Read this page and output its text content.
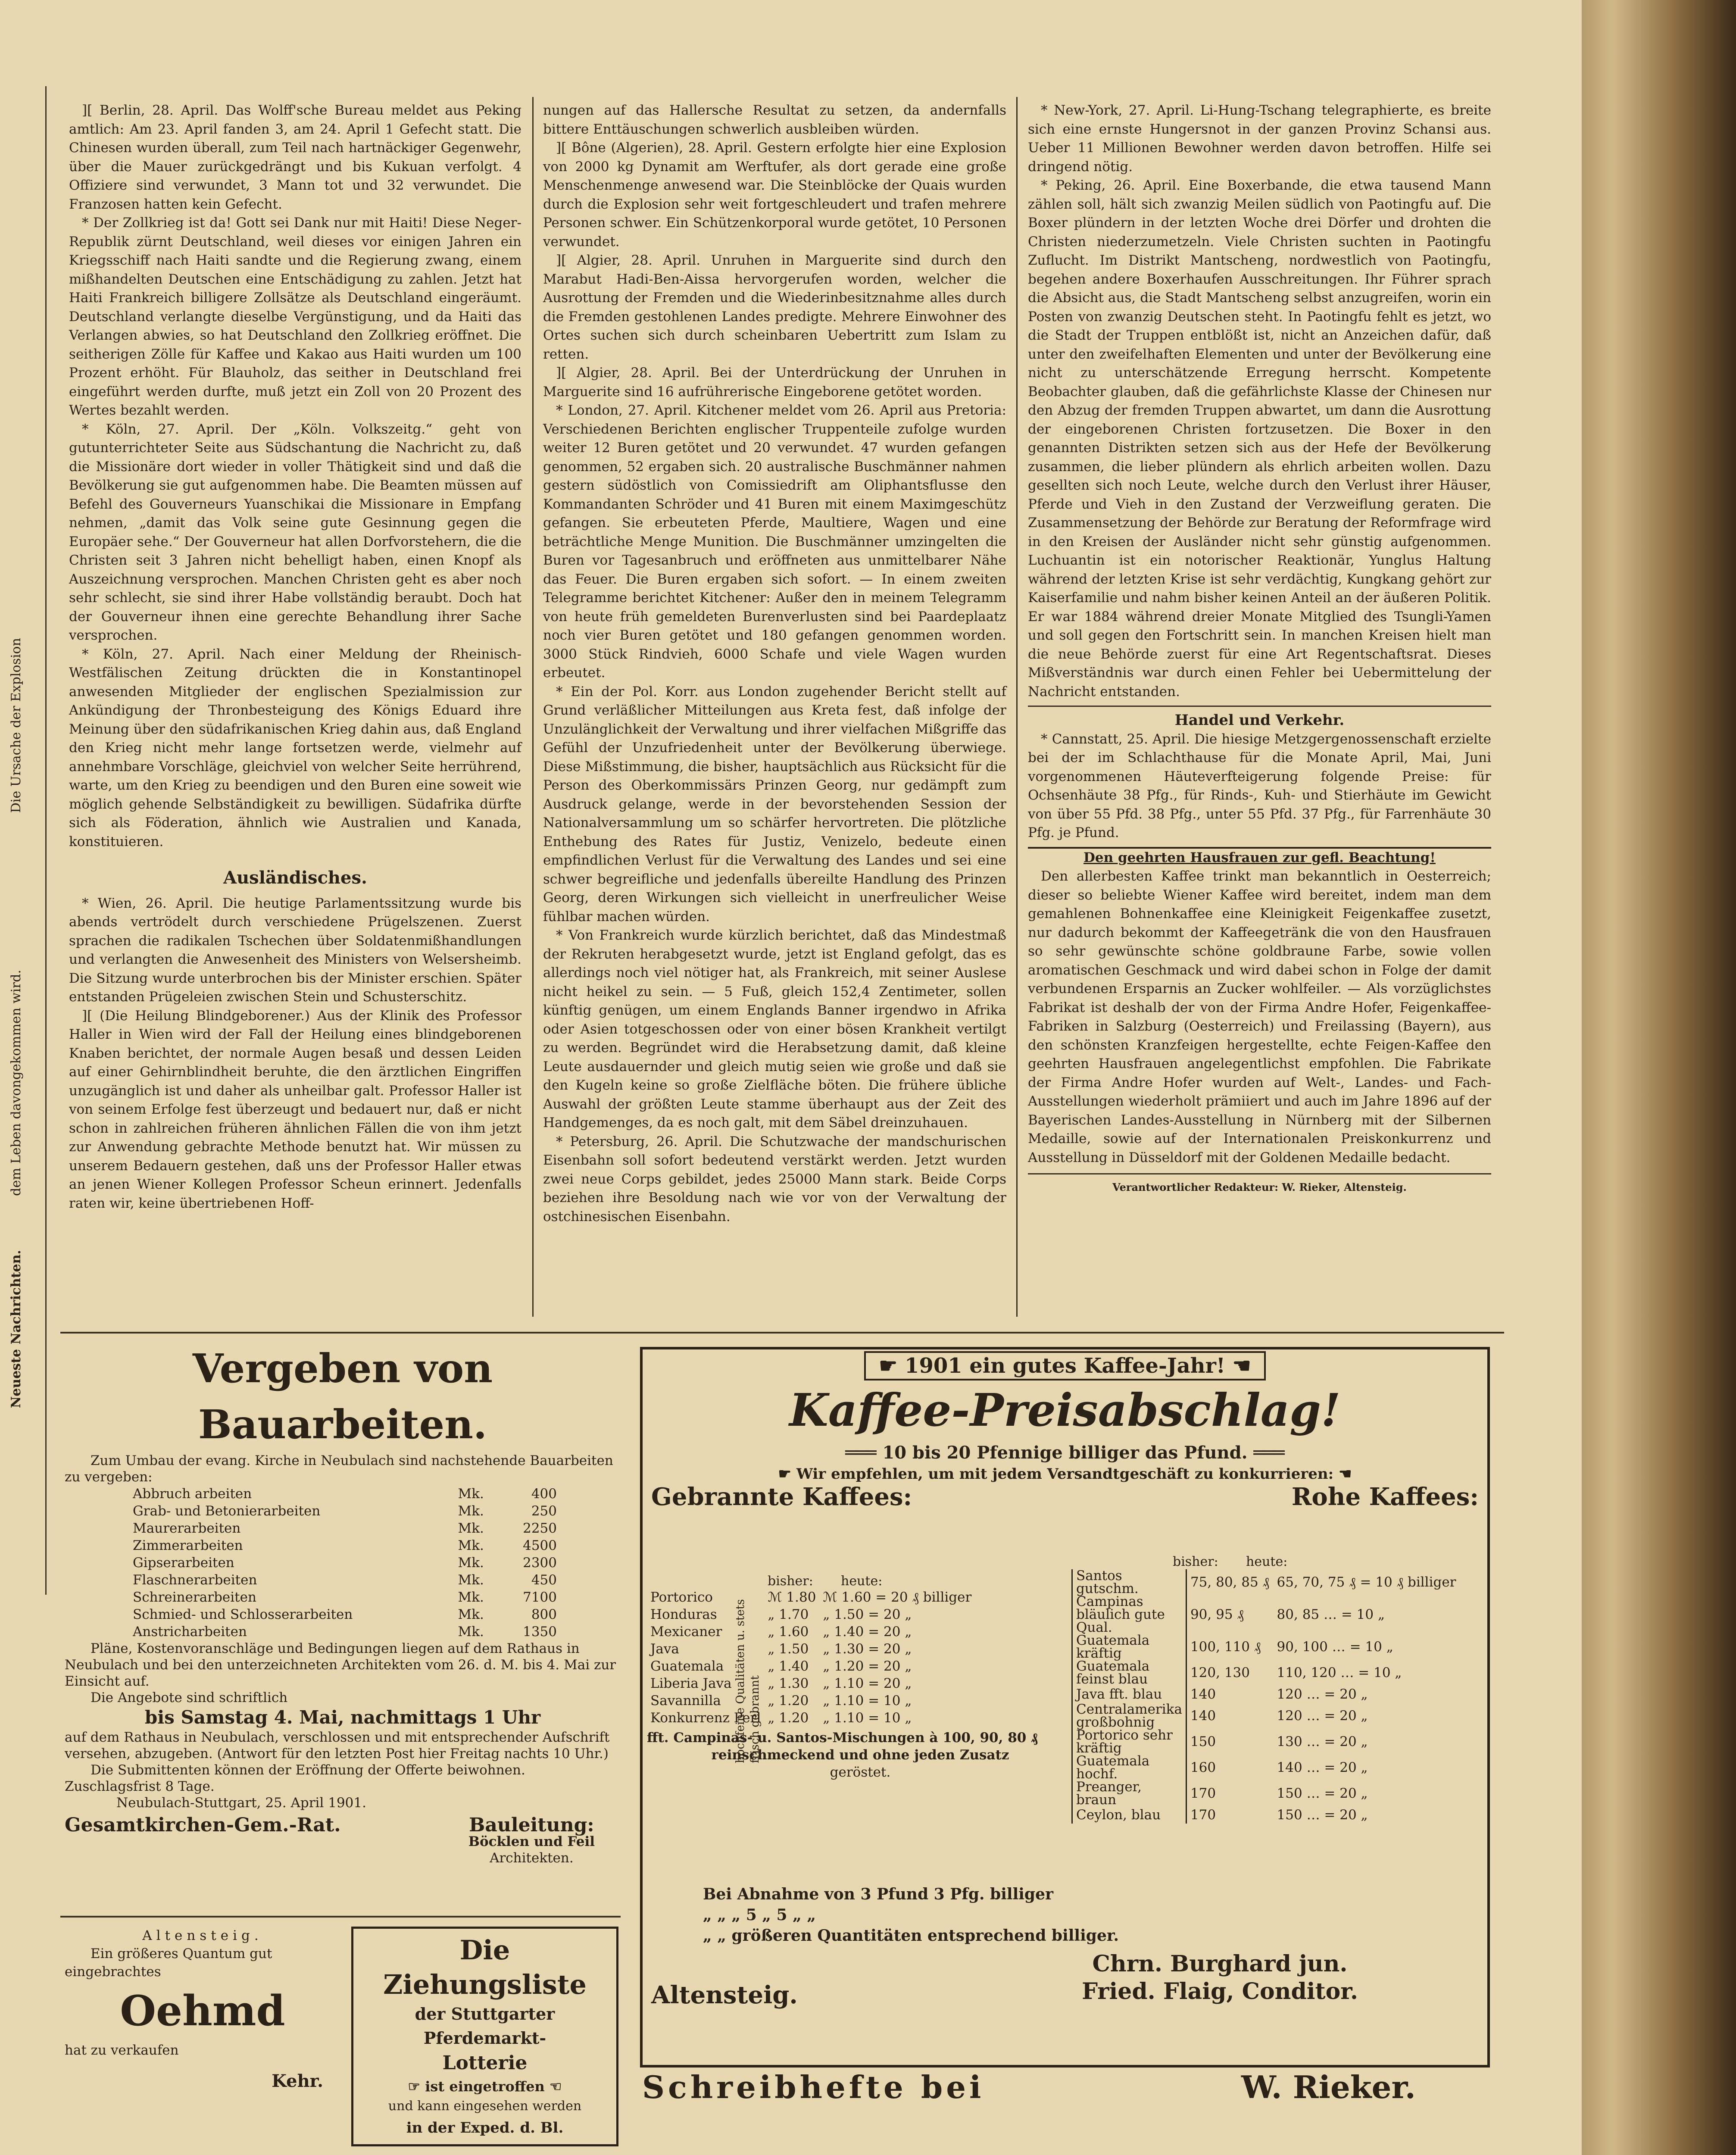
Die Ursache der Explosion
dem Leben davongekommen wird.
Neueste Nachrichten.

][ Berlin, 28. April. Das Wolff'sche Bureau meldet aus Peking amtlich: Am 23. April fanden 3, am 24. April 1 Gefecht statt. Die Chinesen wurden überall, zum Teil nach hartnäckiger Gegenwehr, über die Mauer zurückgedrängt und bis Kukuan verfolgt. 4 Offiziere sind verwundet, 3 Mann tot und 32 verwundet. Die Franzosen hatten kein Gefecht.

* Der Zollkrieg ist da! Gott sei Dank nur mit Haiti! Diese Neger-Republik zürnt Deutschland, weil dieses vor einigen Jahren ein Kriegsschiff nach Haiti sandte und die Regierung zwang, einem mißhandelten Deutschen eine Entschädigung zu zahlen. Jetzt hat Haiti Frankreich billigere Zollsätze als Deutschland eingeräumt. Deutschland verlangte dieselbe Vergünstigung, und da Haiti das Verlangen abwies, so hat Deutschland den Zollkrieg eröffnet. Die seitherigen Zölle für Kaffee und Kakao aus Haiti wurden um 100 Prozent erhöht. Für Blauholz, das seither in Deutschland frei eingeführt werden durfte, muß jetzt ein Zoll von 20 Prozent des Wertes bezahlt werden.

* Köln, 27. April. Der „Köln. Volkszeitg.“ geht von gutunterrichteter Seite aus Südschantung die Nachricht zu, daß die Missionäre dort wieder in voller Thätigkeit sind und daß die Bevölkerung sie gut aufgenommen habe. Die Beamten müssen auf Befehl des Gouverneurs Yuanschikai die Missionare in Empfang nehmen, „damit das Volk seine gute Gesinnung gegen die Europäer sehe.“ Der Gouverneur hat allen Dorfvorstehern, die die Christen seit 3 Jahren nicht behelligt haben, einen Knopf als Auszeichnung versprochen. Manchen Christen geht es aber noch sehr schlecht, sie sind ihrer Habe vollständig beraubt. Doch hat der Gouverneur ihnen eine gerechte Behandlung ihrer Sache versprochen.

* Köln, 27. April. Nach einer Meldung der Rheinisch-Westfälischen Zeitung drückten die in Konstantinopel anwesenden Mitglieder der englischen Spezialmission zur Ankündigung der Thronbesteigung des Königs Eduard ihre Meinung über den südafrikanischen Krieg dahin aus, daß England den Krieg nicht mehr lange fortsetzen werde, vielmehr auf annehmbare Vorschläge, gleichviel von welcher Seite herrührend, warte, um den Krieg zu beendigen und den Buren eine soweit wie möglich gehende Selbständigkeit zu bewilligen. Südafrika dürfte sich als Föderation, ähnlich wie Australien und Kanada, konstituieren.

Ausländisches.

* Wien, 26. April. Die heutige Parlamentssitzung wurde bis abends vertrödelt durch verschiedene Prügelszenen. Zuerst sprachen die radikalen Tschechen über Soldatenmißhandlungen und verlangten die Anwesenheit des Ministers von Welsersheimb. Die Sitzung wurde unterbrochen bis der Minister erschien. Später entstanden Prügeleien zwischen Stein und Schusterschitz.

][ (Die Heilung Blindgeborener.) Aus der Klinik des Professor Haller in Wien wird der Fall der Heilung eines blindgeborenen Knaben berichtet, der normale Augen besaß und dessen Leiden auf einer Gehirnblindheit beruhte, die den ärztlichen Eingriffen unzugänglich ist und daher als unheilbar galt. Professor Haller ist von seinem Erfolge fest überzeugt und bedauert nur, daß er nicht schon in zahlreichen früheren ähnlichen Fällen die von ihm jetzt zur Anwendung gebrachte Methode benutzt hat. Wir müssen zu unserem Bedauern gestehen, daß uns der Professor Haller etwas an jenen Wiener Kollegen Professor Scheun erinnert. Jedenfalls raten wir, keine übertriebenen Hoff-

nungen auf das Hallersche Resultat zu setzen, da andernfalls bittere Enttäuschungen schwerlich ausbleiben würden.

][ Bône (Algerien), 28. April. Gestern erfolgte hier eine Explosion von 2000 kg Dynamit am Werftufer, als dort gerade eine große Menschenmenge anwesend war. Die Steinblöcke der Quais wurden durch die Explosion sehr weit fortgeschleudert und trafen mehrere Personen schwer. Ein Schützenkorporal wurde getötet, 10 Personen verwundet.

][ Algier, 28. April. Unruhen in Marguerite sind durch den Marabut Hadi-Ben-Aissa hervorgerufen worden, welcher die Ausrottung der Fremden und die Wiederinbesitznahme alles durch die Fremden gestohlenen Landes predigte. Mehrere Einwohner des Ortes suchen sich durch scheinbaren Uebertritt zum Islam zu retten.

][ Algier, 28. April. Bei der Unterdrückung der Unruhen in Marguerite sind 16 aufrührerische Eingeborene getötet worden.

* London, 27. April. Kitchener meldet vom 26. April aus Pretoria: Verschiedenen Berichten englischer Truppenteile zufolge wurden weiter 12 Buren getötet und 20 verwundet. 47 wurden gefangen genommen, 52 ergaben sich. 20 australische Buschmänner nahmen gestern südöstlich von Comissiedrift am Oliphantsflusse den Kommandanten Schröder und 41 Buren mit einem Maximgeschütz gefangen. Sie erbeuteten Pferde, Maultiere, Wagen und eine beträchtliche Menge Munition. Die Buschmänner umzingelten die Buren vor Tagesanbruch und eröffneten aus unmittelbarer Nähe das Feuer. Die Buren ergaben sich sofort. — In einem zweiten Telegramme berichtet Kitchener: Außer den in meinem Telegramm von heute früh gemeldeten Burenverlusten sind bei Paardeplaatz noch vier Buren getötet und 180 gefangen genommen worden. 3000 Stück Rindvieh, 6000 Schafe und viele Wagen wurden erbeutet.

* Ein der Pol. Korr. aus London zugehender Bericht stellt auf Grund verläßlicher Mitteilungen aus Kreta fest, daß infolge der Unzulänglichkeit der Verwaltung und ihrer vielfachen Mißgriffe das Gefühl der Unzufriedenheit unter der Bevölkerung überwiege. Diese Mißstimmung, die bisher, hauptsächlich aus Rücksicht für die Person des Oberkommissärs Prinzen Georg, nur gedämpft zum Ausdruck gelange, werde in der bevorstehenden Session der Nationalversammlung um so schärfer hervortreten. Die plötzliche Enthebung des Rates für Justiz, Venizelo, bedeute einen empfindlichen Verlust für die Verwaltung des Landes und sei eine schwer begreifliche und jedenfalls übereilte Handlung des Prinzen Georg, deren Wirkungen sich vielleicht in unerfreulicher Weise fühlbar machen würden.

* Von Frankreich wurde kürzlich berichtet, daß das Mindestmaß der Rekruten herabgesetzt wurde, jetzt ist England gefolgt, das es allerdings noch viel nötiger hat, als Frankreich, mit seiner Auslese nicht heikel zu sein. — 5 Fuß, gleich 152,4 Zentimeter, sollen künftig genügen, um einem Englands Banner irgendwo in Afrika oder Asien totgeschossen oder von einer bösen Krankheit vertilgt zu werden. Begründet wird die Herabsetzung damit, daß kleine Leute ausdauernder und gleich mutig seien wie große und daß sie den Kugeln keine so große Zielfläche böten. Die frühere übliche Auswahl der größten Leute stamme überhaupt aus der Zeit des Handgemenges, da es noch galt, mit dem Säbel dreinzuhauen.

* Petersburg, 26. April. Die Schutzwache der mandschurischen Eisenbahn soll sofort bedeutend verstärkt werden. Jetzt wurden zwei neue Corps gebildet, jedes 25000 Mann stark. Beide Corps beziehen ihre Besoldung nach wie vor von der Verwaltung der ostchinesischen Eisenbahn.

* New-York, 27. April. Li-Hung-Tschang telegraphierte, es breite sich eine ernste Hungersnot in der ganzen Provinz Schansi aus. Ueber 11 Millionen Bewohner werden davon betroffen. Hilfe sei dringend nötig.

* Peking, 26. April. Eine Boxerbande, die etwa tausend Mann zählen soll, hält sich zwanzig Meilen südlich von Paotingfu auf. Die Boxer plündern in der letzten Woche drei Dörfer und drohten die Christen niederzumetzeln. Viele Christen suchten in Paotingfu Zuflucht. Im Distrikt Mantscheng, nordwestlich von Paotingfu, begehen andere Boxerhaufen Ausschreitungen. Ihr Führer sprach die Absicht aus, die Stadt Mantscheng selbst anzugreifen, worin ein Posten von zwanzig Deutschen steht. In Paotingfu fehlt es jetzt, wo die Stadt der Truppen entblößt ist, nicht an Anzeichen dafür, daß unter den zweifelhaften Elementen und unter der Bevölkerung eine nicht zu unterschätzende Erregung herrscht. Kompetente Beobachter glauben, daß die gefährlichste Klasse der Chinesen nur den Abzug der fremden Truppen abwartet, um dann die Ausrottung der eingeborenen Christen fortzusetzen. Die Boxer in den genannten Distrikten setzen sich aus der Hefe der Bevölkerung zusammen, die lieber plündern als ehrlich arbeiten wollen. Dazu gesellten sich noch Leute, welche durch den Verlust ihrer Häuser, Pferde und Vieh in den Zustand der Verzweiflung geraten. Die Zusammensetzung der Behörde zur Beratung der Reformfrage wird in den Kreisen der Ausländer nicht sehr günstig aufgenommen. Luchuantin ist ein notorischer Reaktionär, Yunglus Haltung während der letzten Krise ist sehr verdächtig, Kungkang gehört zur Kaiserfamilie und nahm bisher keinen Anteil an der äußeren Politik. Er war 1884 während dreier Monate Mitglied des Tsungli-Yamen und soll gegen den Fortschritt sein. In manchen Kreisen hielt man die neue Behörde zuerst für eine Art Regentschaftsrat. Dieses Mißverständnis war durch einen Fehler bei Uebermittelung der Nachricht entstanden.

Handel und Verkehr.

* Cannstatt, 25. April. Die hiesige Metzgergenossenschaft erzielte bei der im Schlachthause für die Monate April, Mai, Juni vorgenommenen Häuteverfteigerung folgende Preise: für Ochsenhäute 38 Pfg., für Rinds-, Kuh- und Stierhäute im Gewicht von über 55 Pfd. 38 Pfg., unter 55 Pfd. 37 Pfg., für Farrenhäute 30 Pfg. je Pfund.

Den geehrten Hausfrauen zur gefl. Beachtung!

Den allerbesten Kaffee trinkt man bekanntlich in Oesterreich; dieser so beliebte Wiener Kaffee wird bereitet, indem man dem gemahlenen Bohnenkaffee eine Kleinigkeit Feigenkaffee zusetzt, nur dadurch bekommt der Kaffeegetränk die von den Hausfrauen so sehr gewünschte schöne goldbraune Farbe, sowie vollen aromatischen Geschmack und wird dabei schon in Folge der damit verbundenen Ersparnis an Zucker wohlfeiler. — Als vorzüglichstes Fabrikat ist deshalb der von der Firma Andre Hofer, Feigenkaffee-Fabriken in Salzburg (Oesterreich) und Freilassing (Bayern), aus den schönsten Kranzfeigen hergestellte, echte Feigen-Kaffee den geehrten Hausfrauen angelegentlichst empfohlen. Die Fabrikate der Firma Andre Hofer wurden auf Welt-, Landes- und Fach-Ausstellungen wiederholt prämiiert und auch im Jahre 1896 auf der Bayerischen Landes-Ausstellung in Nürnberg mit der Silbernen Medaille, sowie auf der Internationalen Preiskonkurrenz und Ausstellung in Düsseldorf mit der Goldenen Medaille bedacht.

Verantwortlicher Redakteur: W. Rieker, Altensteig.

Vergeben von Bauarbeiten.
Zum Umbau der evang. Kirche in Neubulach sind nachstehende Bauarbeiten zu vergeben:
Abbruch arbeiten	Mk.	400
Grab- und Betonierarbeiten	Mk.	250
Maurerarbeiten	Mk.	2250
Zimmerarbeiten	Mk.	4500
Gipserarbeiten	Mk.	2300
Flaschnerarbeiten	Mk.	450
Schreinerarbeiten	Mk.	7100
Schmied- und Schlosserarbeiten	Mk.	800
Anstricharbeiten	Mk.	1350
Pläne, Kostenvoranschläge und Bedingungen liegen auf dem Rathaus in Neubulach und bei den unterzeichneten Architekten vom 26. d. M. bis 4. Mai zur Einsicht auf.
Die Angebote sind schriftlich
bis Samstag 4. Mai, nachmittags 1 Uhr
auf dem Rathaus in Neubulach, verschlossen und mit entsprechender Aufschrift versehen, abzugeben. (Antwort für den letzten Post hier Freitag nachts 10 Uhr.)
Die Submittenten können der Eröffnung der Offerte beiwohnen. Zuschlagsfrist 8 Tage.
Neubulach-Stuttgart, 25. April 1901.
Gesamtkirchen-Gem.-Rat.	Bauleitung:
Böcklen und Feil
Architekten.
Altensteig.
Ein größeres Quantum gut eingebrachtes
Oehmd
hat zu verkaufen
Kehr.
Die Ziehungsliste
der Stuttgarter Pferdemarkt-
Lotterie
☞ ist eingetroffen ☜
und kann eingesehen werden
in der Exped. d. Bl.
☛ 1901 ein gutes Kaffee-Jahr! ☚
Kaffee-Preisabschlag!
═══ 10 bis 20 Pfennige billiger das Pfund. ═══
☛ Wir empfehlen, um mit jedem Versandtgeschäft zu konkurrieren: ☚
Gebrannte Kaffees:	Rohe Kaffees:
bisher:	heute:
Portorico	ℳ 1.80	ℳ 1.60 = 20 ₰ billiger
Honduras	„ 1.70	„ 1.50 = 20 „
Mexicaner	„ 1.60	„ 1.40 = 20 „
Java	„ 1.50	„ 1.30 = 20 „
Guatemala	„ 1.40	„ 1.20 = 20 „
Liberia Java	„ 1.30	„ 1.10 = 20 „
Savannilla	„ 1.20	„ 1.10 = 10 „
Konkurrenz Perl	„ 1.20	„ 1.10 = 10 „
hochfeine Qualitäten u. stets frisch gebrannt
fft. Campinas- u. Santos-Mischungen à 100, 90, 80 ₰
reinschmeckend und ohne jeden Zusatz
geröstet.
bisher:	heute:
Santos gutschm.	75, 80, 85 ₰	65, 70, 75 ₰ = 10 ₰ billiger
Campinas bläulich gute Qual.	90, 95 ₰	80, 85 … = 10 „
Guatemala kräftig	100, 110 ₰	90, 100 … = 10 „
Guatemala feinst blau	120, 130	110, 120 … = 10 „
Java fft. blau	140	120 … = 20 „
Centralamerika großbohnig	140	120 … = 20 „
Portorico sehr kräftig	150	130 … = 20 „
Guatemala hochf.	160	140 … = 20 „
Preanger, braun	170	150 … = 20 „
Ceylon, blau	170	150 … = 20 „
Bei Abnahme von 3 Pfund 3 Pfg. billiger
„ „ „ 5 „ 5 „ „
„ „ größeren Quantitäten entsprechend billiger.
Altensteig.
Chrn. Burghard jun.
Fried. Flaig, Conditor.
Schreibhefte bei	W. Rieker.
